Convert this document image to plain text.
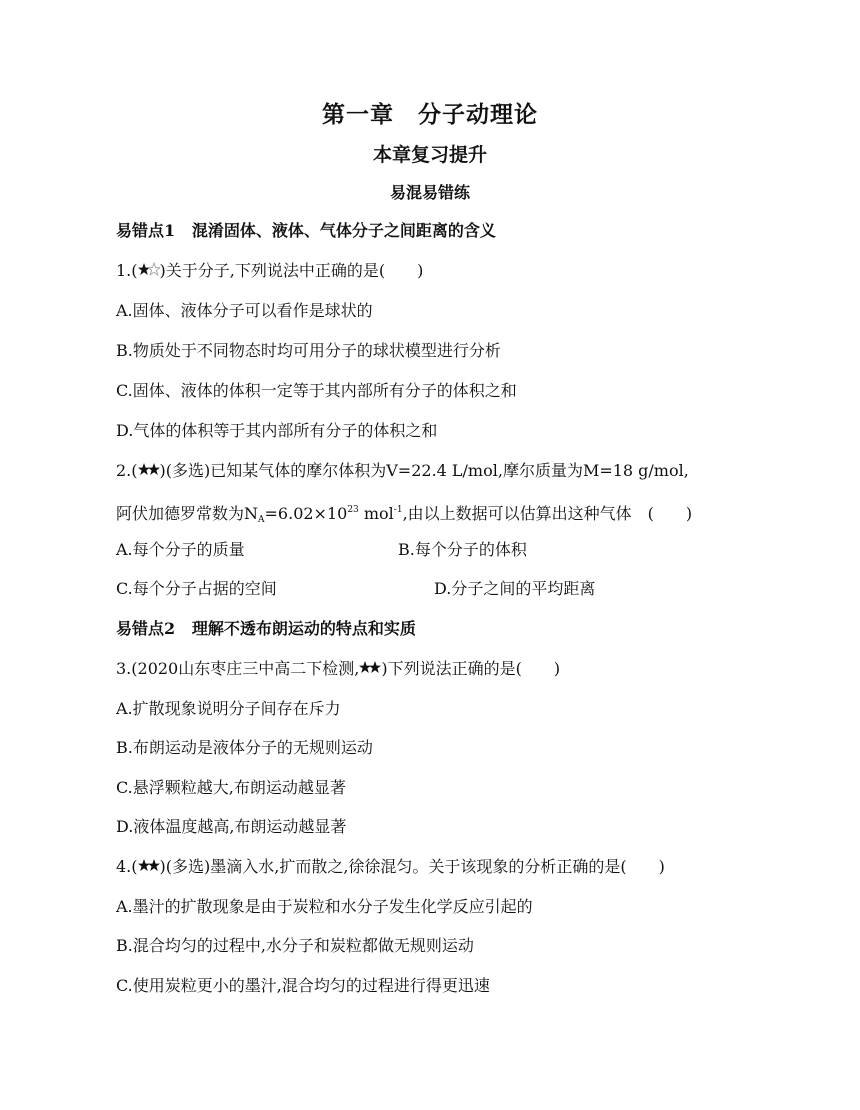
第一章　分子动理论
本章复习提升
易混易错练
易错点1 混淆固体、液体、气体分子之间距离的含义
1.( )关于分子,下列说法中正确的是(　　)
A.固体、液体分子可以看作是球状的
B.物质处于不同物态时均可用分子的球状模型进行分析
C.固体、液体的体积一定等于其内部所有分子的体积之和
D.气体的体积等于其内部所有分子的体积之和
2.( )(多选)已知某气体的摩尔体积为V=22.4 L/mol,摩尔质量为M=18 g/mol,
阿伏加德罗常数为$N_A=6.02\times 10^{23}$ mol$^{-1}$,由以上数据可以估算出这种气体　(　　)
A.每个分子的质量	B.每个分子的体积
C.每个分子占据的空间	D.分子之间的平均距离
易错点2 理解不透布朗运动的特点和实质
3.(2020山东枣庄三中高二下检测, )下列说法正确的是(　　)
A.扩散现象说明分子间存在斥力
B.布朗运动是液体分子的无规则运动
C.悬浮颗粒越大,布朗运动越显著
D.液体温度越高,布朗运动越显著
4.( )(多选)墨滴入水,扩而散之,徐徐混匀。关于该现象的分析正确的是(　　)
A.墨汁的扩散现象是由于炭粒和水分子发生化学反应引起的
B.混合均匀的过程中,水分子和炭粒都做无规则运动
C.使用炭粒更小的墨汁,混合均匀的过程进行得更迅速
